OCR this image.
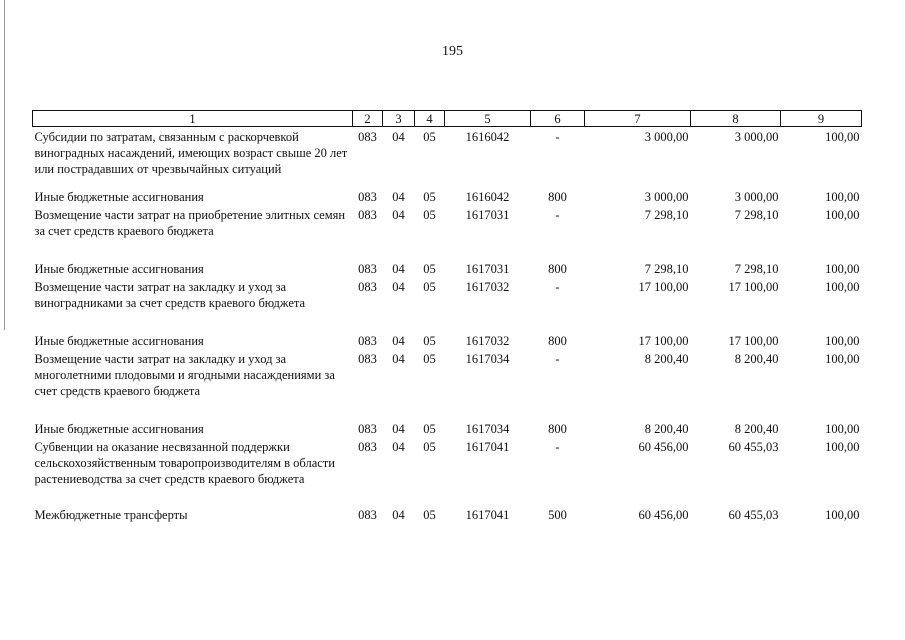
195
1	2	3	4	5	6	7	8	9
Субсидии по затратам, связанным с раскорчевкой виноградных насаждений, имеющих возраст свыше 20 лет или пострадавших от чрезвычайных ситуаций	083	04	05	1616042	-	3 000,00	3 000,00	100,00
Иные бюджетные ассигнования	083	04	05	1616042	800	3 000,00	3 000,00	100,00
Возмещение части затрат на приобретение элитных семян за счет средств краевого бюджета	083	04	05	1617031	-	7 298,10	7 298,10	100,00
Иные бюджетные ассигнования	083	04	05	1617031	800	7 298,10	7 298,10	100,00
Возмещение части затрат на закладку и уход за виноградниками за счет средств краевого бюджета	083	04	05	1617032	-	17 100,00	17 100,00	100,00
Иные бюджетные ассигнования	083	04	05	1617032	800	17 100,00	17 100,00	100,00
Возмещение части затрат на закладку и уход за многолетними плодовыми и ягодными насаждениями за счет средств краевого бюджета	083	04	05	1617034	-	8 200,40	8 200,40	100,00
Иные бюджетные ассигнования	083	04	05	1617034	800	8 200,40	8 200,40	100,00
Субвенции на оказание несвязанной поддержки сельскохозяйственным товаропроизводителям в области растениеводства за счет средств краевого бюджета	083	04	05	1617041	-	60 456,00	60 455,03	100,00
Межбюджетные трансферты	083	04	05	1617041	500	60 456,00	60 455,03	100,00
